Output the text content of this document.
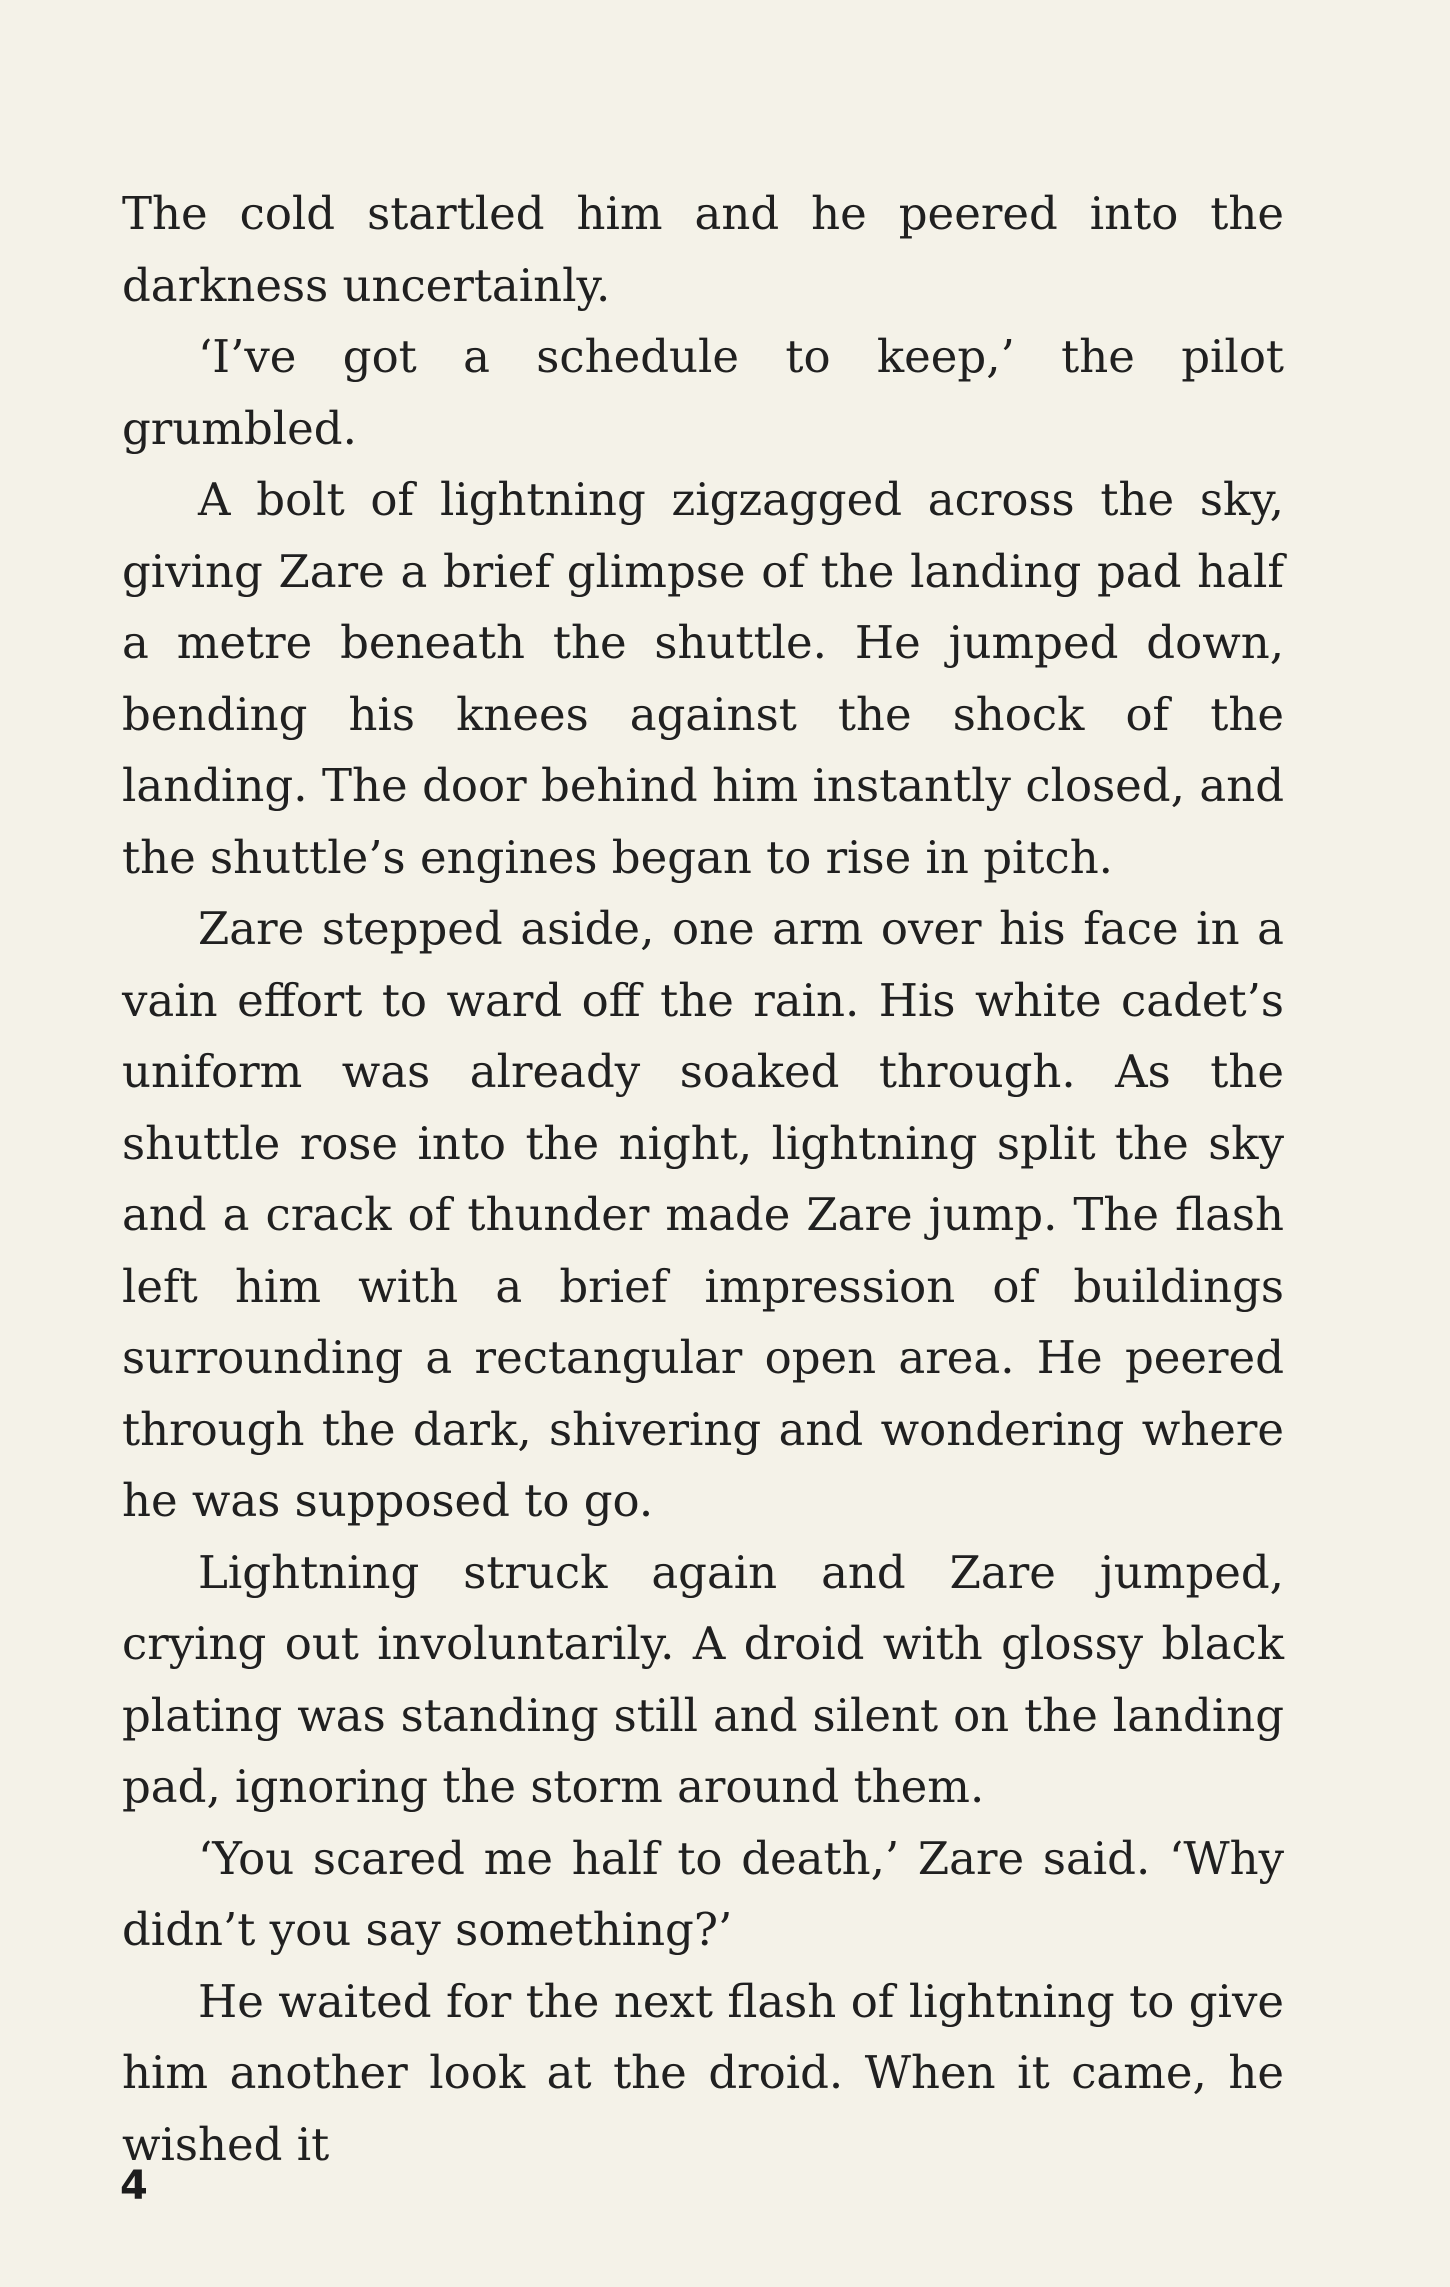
The cold startled him and he peered into the darkness uncertainly.

‘I’ve got a schedule to keep,’ the pilot grumbled.

A bolt of lightning zigzagged across the sky, giving Zare a brief glimpse of the landing pad half a metre beneath the shuttle. He jumped down, bending his knees against the shock of the landing. The door behind him instantly closed, and the shuttle’s engines began to rise in pitch.

Zare stepped aside, one arm over his face in a vain effort to ward off the rain. His white cadet’s uniform was already soaked through. As the shuttle rose into the night, lightning split the sky and a crack of thunder made Zare jump. The flash left him with a brief impression of buildings surrounding a rectangular open area. He peered through the dark, shivering and wondering where he was supposed to go.

Lightning struck again and Zare jumped, crying out involuntarily. A droid with glossy black plating was standing still and silent on the landing pad, ignoring the storm around them.

‘You scared me half to death,’ Zare said. ‘Why didn’t you say something?’

He waited for the next flash of lightning to give him another look at the droid. When it came, he wished it

4
